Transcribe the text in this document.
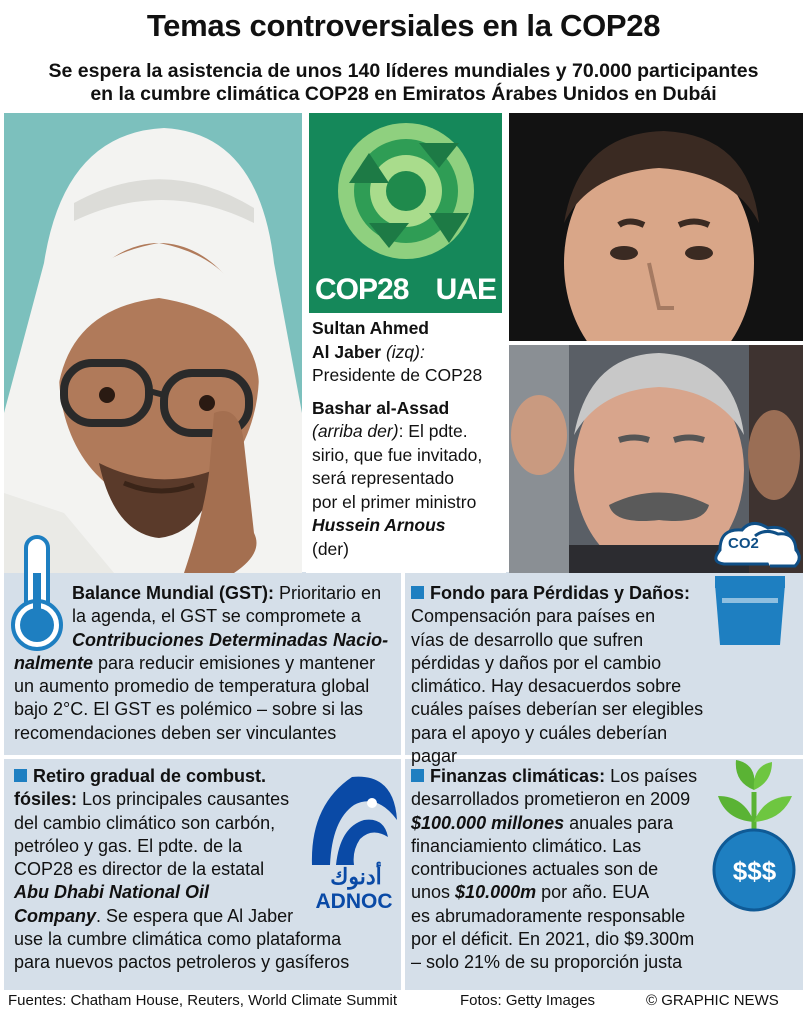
Temas controversiales en la COP28
Se espera la asistencia de unos 140 líderes mundiales y 70.000 participantes
en la cumbre climática COP28 en Emiratos Árabes Unidos en Dubái
COP28 UAE
Sultan Ahmed
Al Jaber (izq):
Presidente de COP28
Bashar al-Assad
(arriba der): El pdte.
sirio, que fue invitado,
será representado
por el primer ministro
Hussein Arnous
(der)
Balance Mundial (GST): Prioritario en
la agenda, el GST se compromete a
Contribuciones Determinadas Nacio-
nalmente para reducir emisiones y mantener
un aumento promedio de temperatura global
bajo 2°C. El GST es polémico – sobre si las
recomendaciones deben ser vinculantes
Fondo para Pérdidas y Daños:
Compensación para países en
vías de desarrollo que sufren
pérdidas y daños por el cambio
climático. Hay desacuerdos sobre
cuáles países deberían ser elegibles
para el apoyo y cuáles deberían pagar
CO2
Retiro gradual de combust.
fósiles: Los principales causantes
del cambio climático son carbón,
petróleo y gas. El pdte. de la
COP28 es director de la estatal
Abu Dhabi National Oil
Company. Se espera que Al Jaber
use la cumbre climática como plataforma
para nuevos pactos petroleros y gasíferos
أدنوك
ADNOC
Finanzas climáticas: Los países
desarrollados prometieron en 2009
$100.000 millones anuales para
financiamiento climático. Las
contribuciones actuales son de
unos $10.000m por año. EUA
es abrumadoramente responsable
por el déficit. En 2021, dio $9.300m
– solo 21% de su proporción justa
$$$
Fuentes: Chatham House, Reuters, World Climate Summit	Fotos: Getty Images	© GRAPHIC NEWS
